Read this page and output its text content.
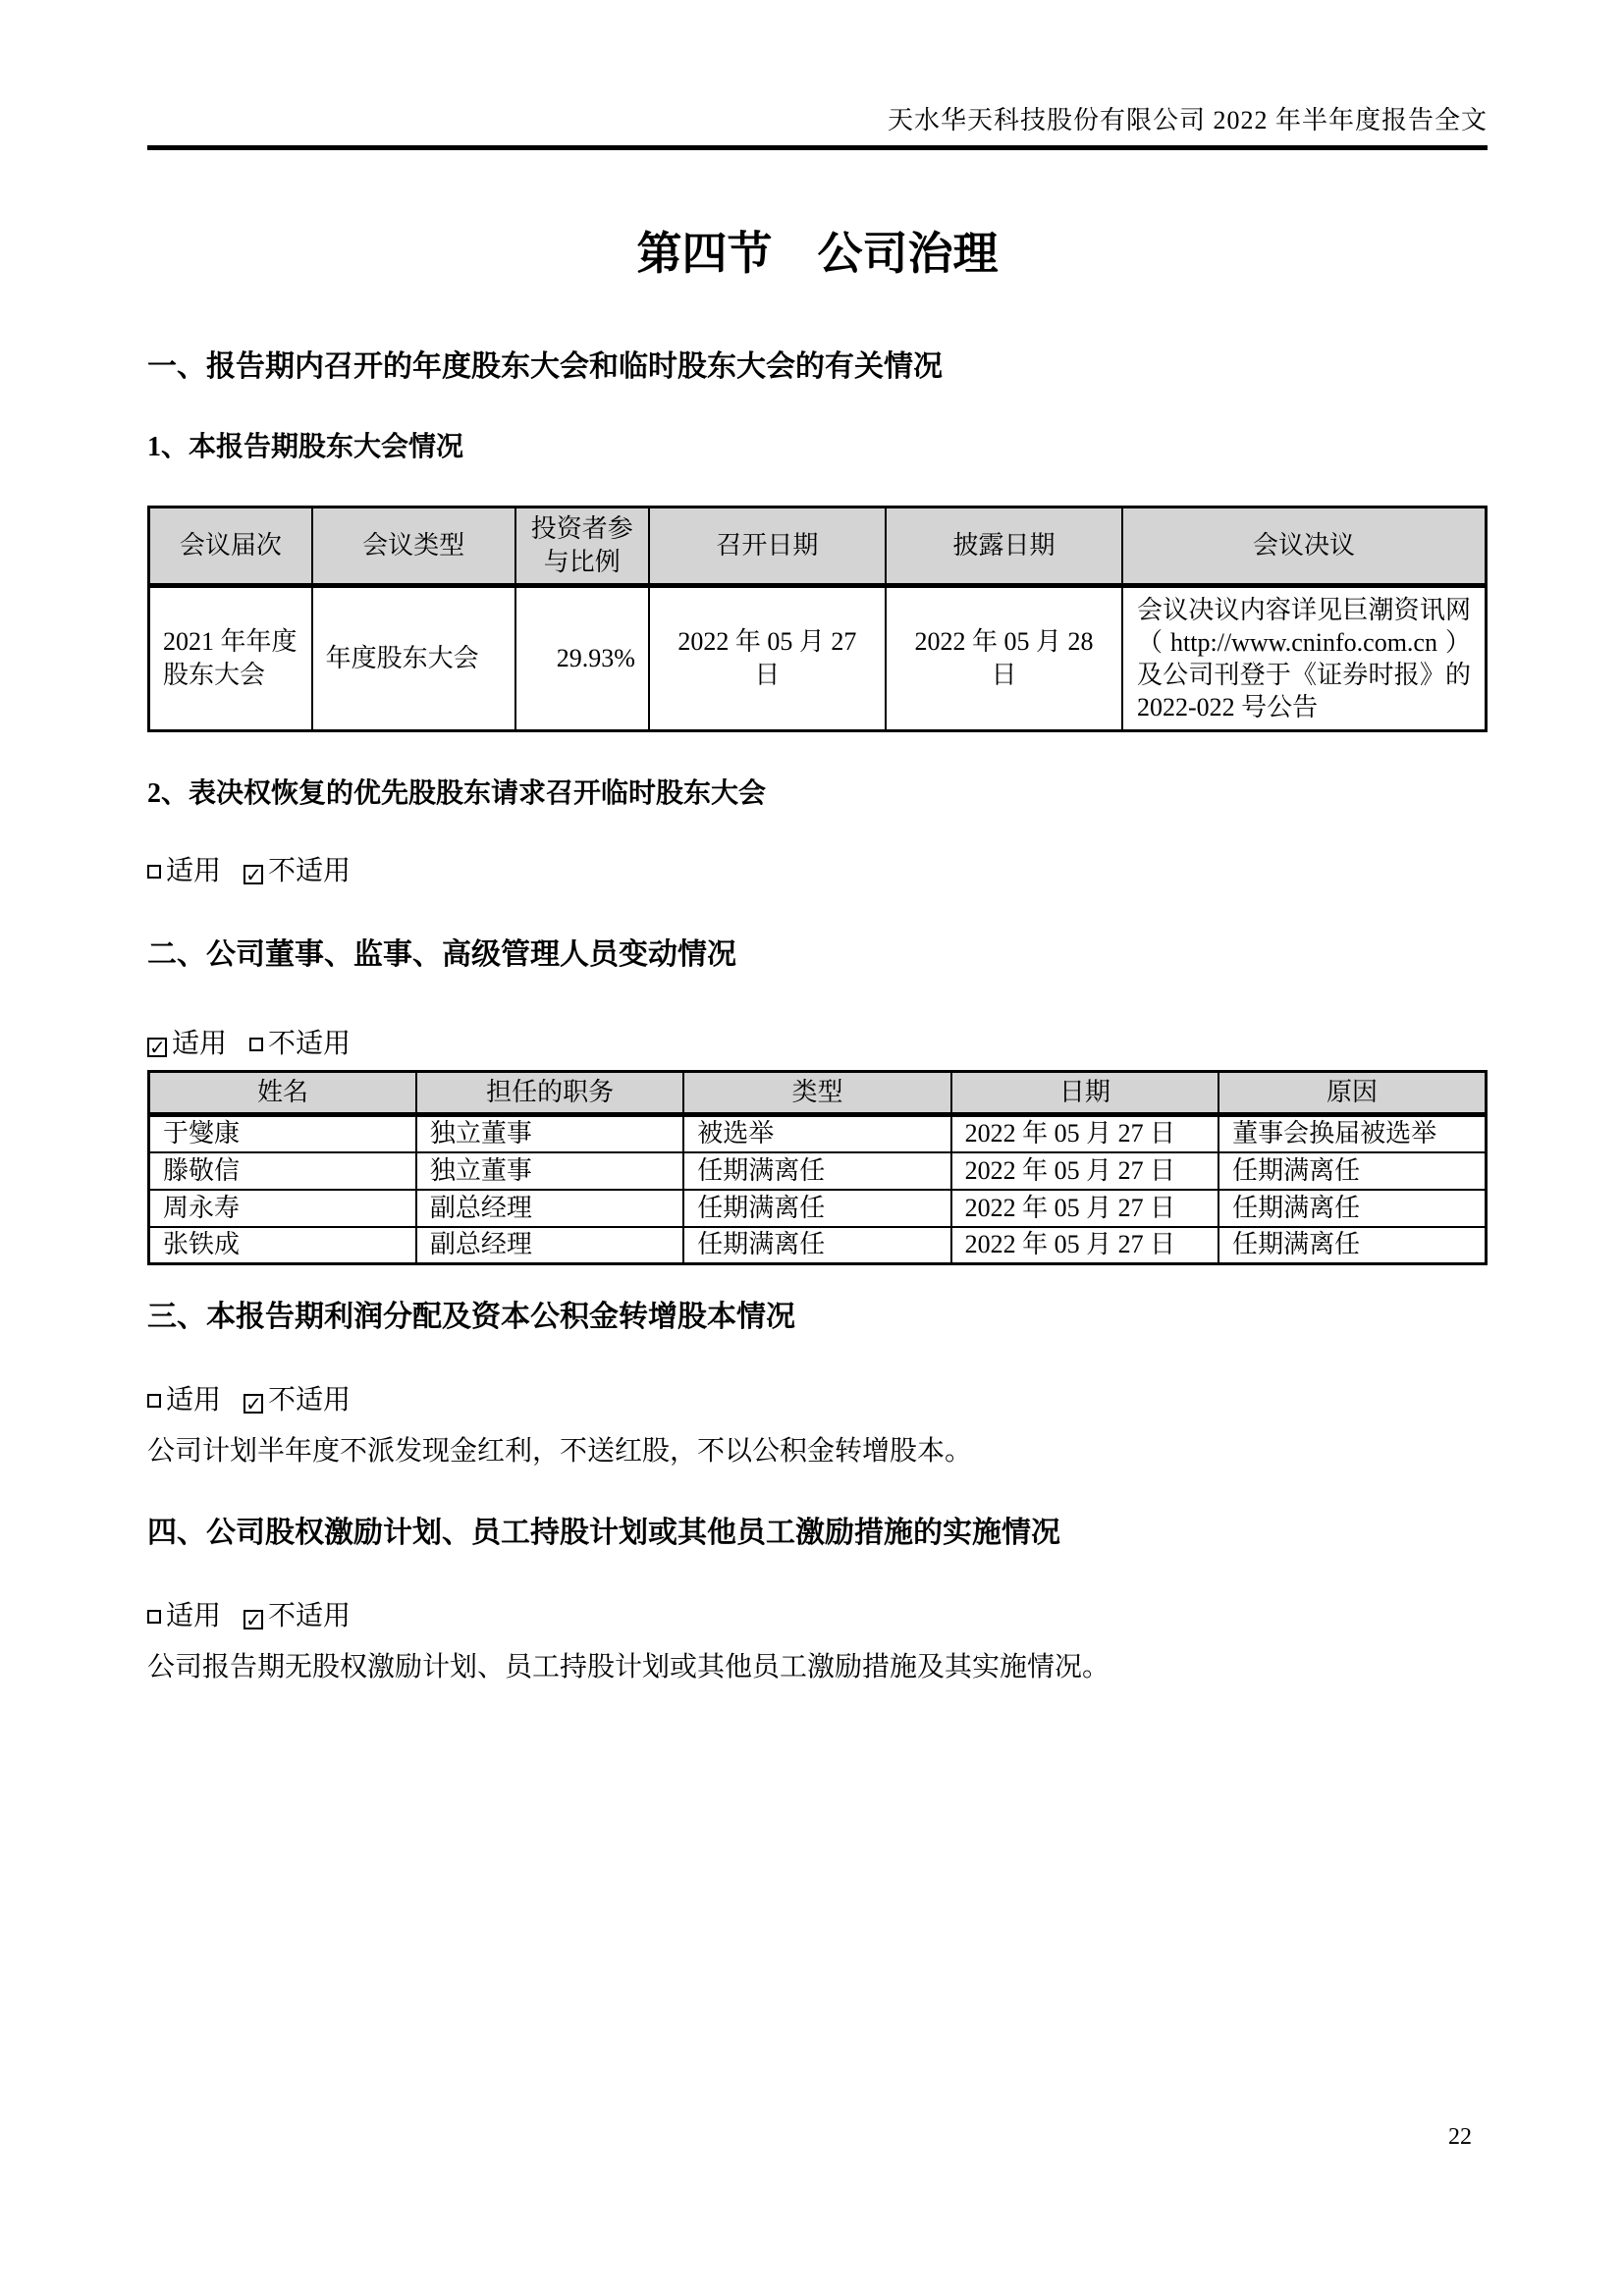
天水华天科技股份有限公司 2022 年半年度报告全文
第四节　公司治理
一、报告期内召开的年度股东大会和临时股东大会的有关情况
1、本报告期股东大会情况
会议届次	会议类型	投资者参与比例	召开日期	披露日期	会议决议
2021 年年度股东大会	年度股东大会	29.93%	2022 年 05 月 27 日	2022 年 05 月 28 日	会议决议内容详见巨潮资讯网（http://www.cninfo.com.cn）及公司刊登于《证券时报》的 2022-022 号公告
2、表决权恢复的优先股股东请求召开临时股东大会

适用 ✓ 不适用

二、公司董事、监事、高级管理人员变动情况

✓适用 不适用

姓名	担任的职务	类型	日期	原因
于燮康	独立董事	被选举	2022 年 05 月 27 日	董事会换届被选举
滕敬信	独立董事	任期满离任	2022 年 05 月 27 日	任期满离任
周永寿	副总经理	任期满离任	2022 年 05 月 27 日	任期满离任
张铁成	副总经理	任期满离任	2022 年 05 月 27 日	任期满离任
三、本报告期利润分配及资本公积金转增股本情况

适用 ✓ 不适用

公司计划半年度不派发现金红利，不送红股，不以公积金转增股本。

四、公司股权激励计划、员工持股计划或其他员工激励措施的实施情况

适用 ✓ 不适用

公司报告期无股权激励计划、员工持股计划或其他员工激励措施及其实施情况。

22
